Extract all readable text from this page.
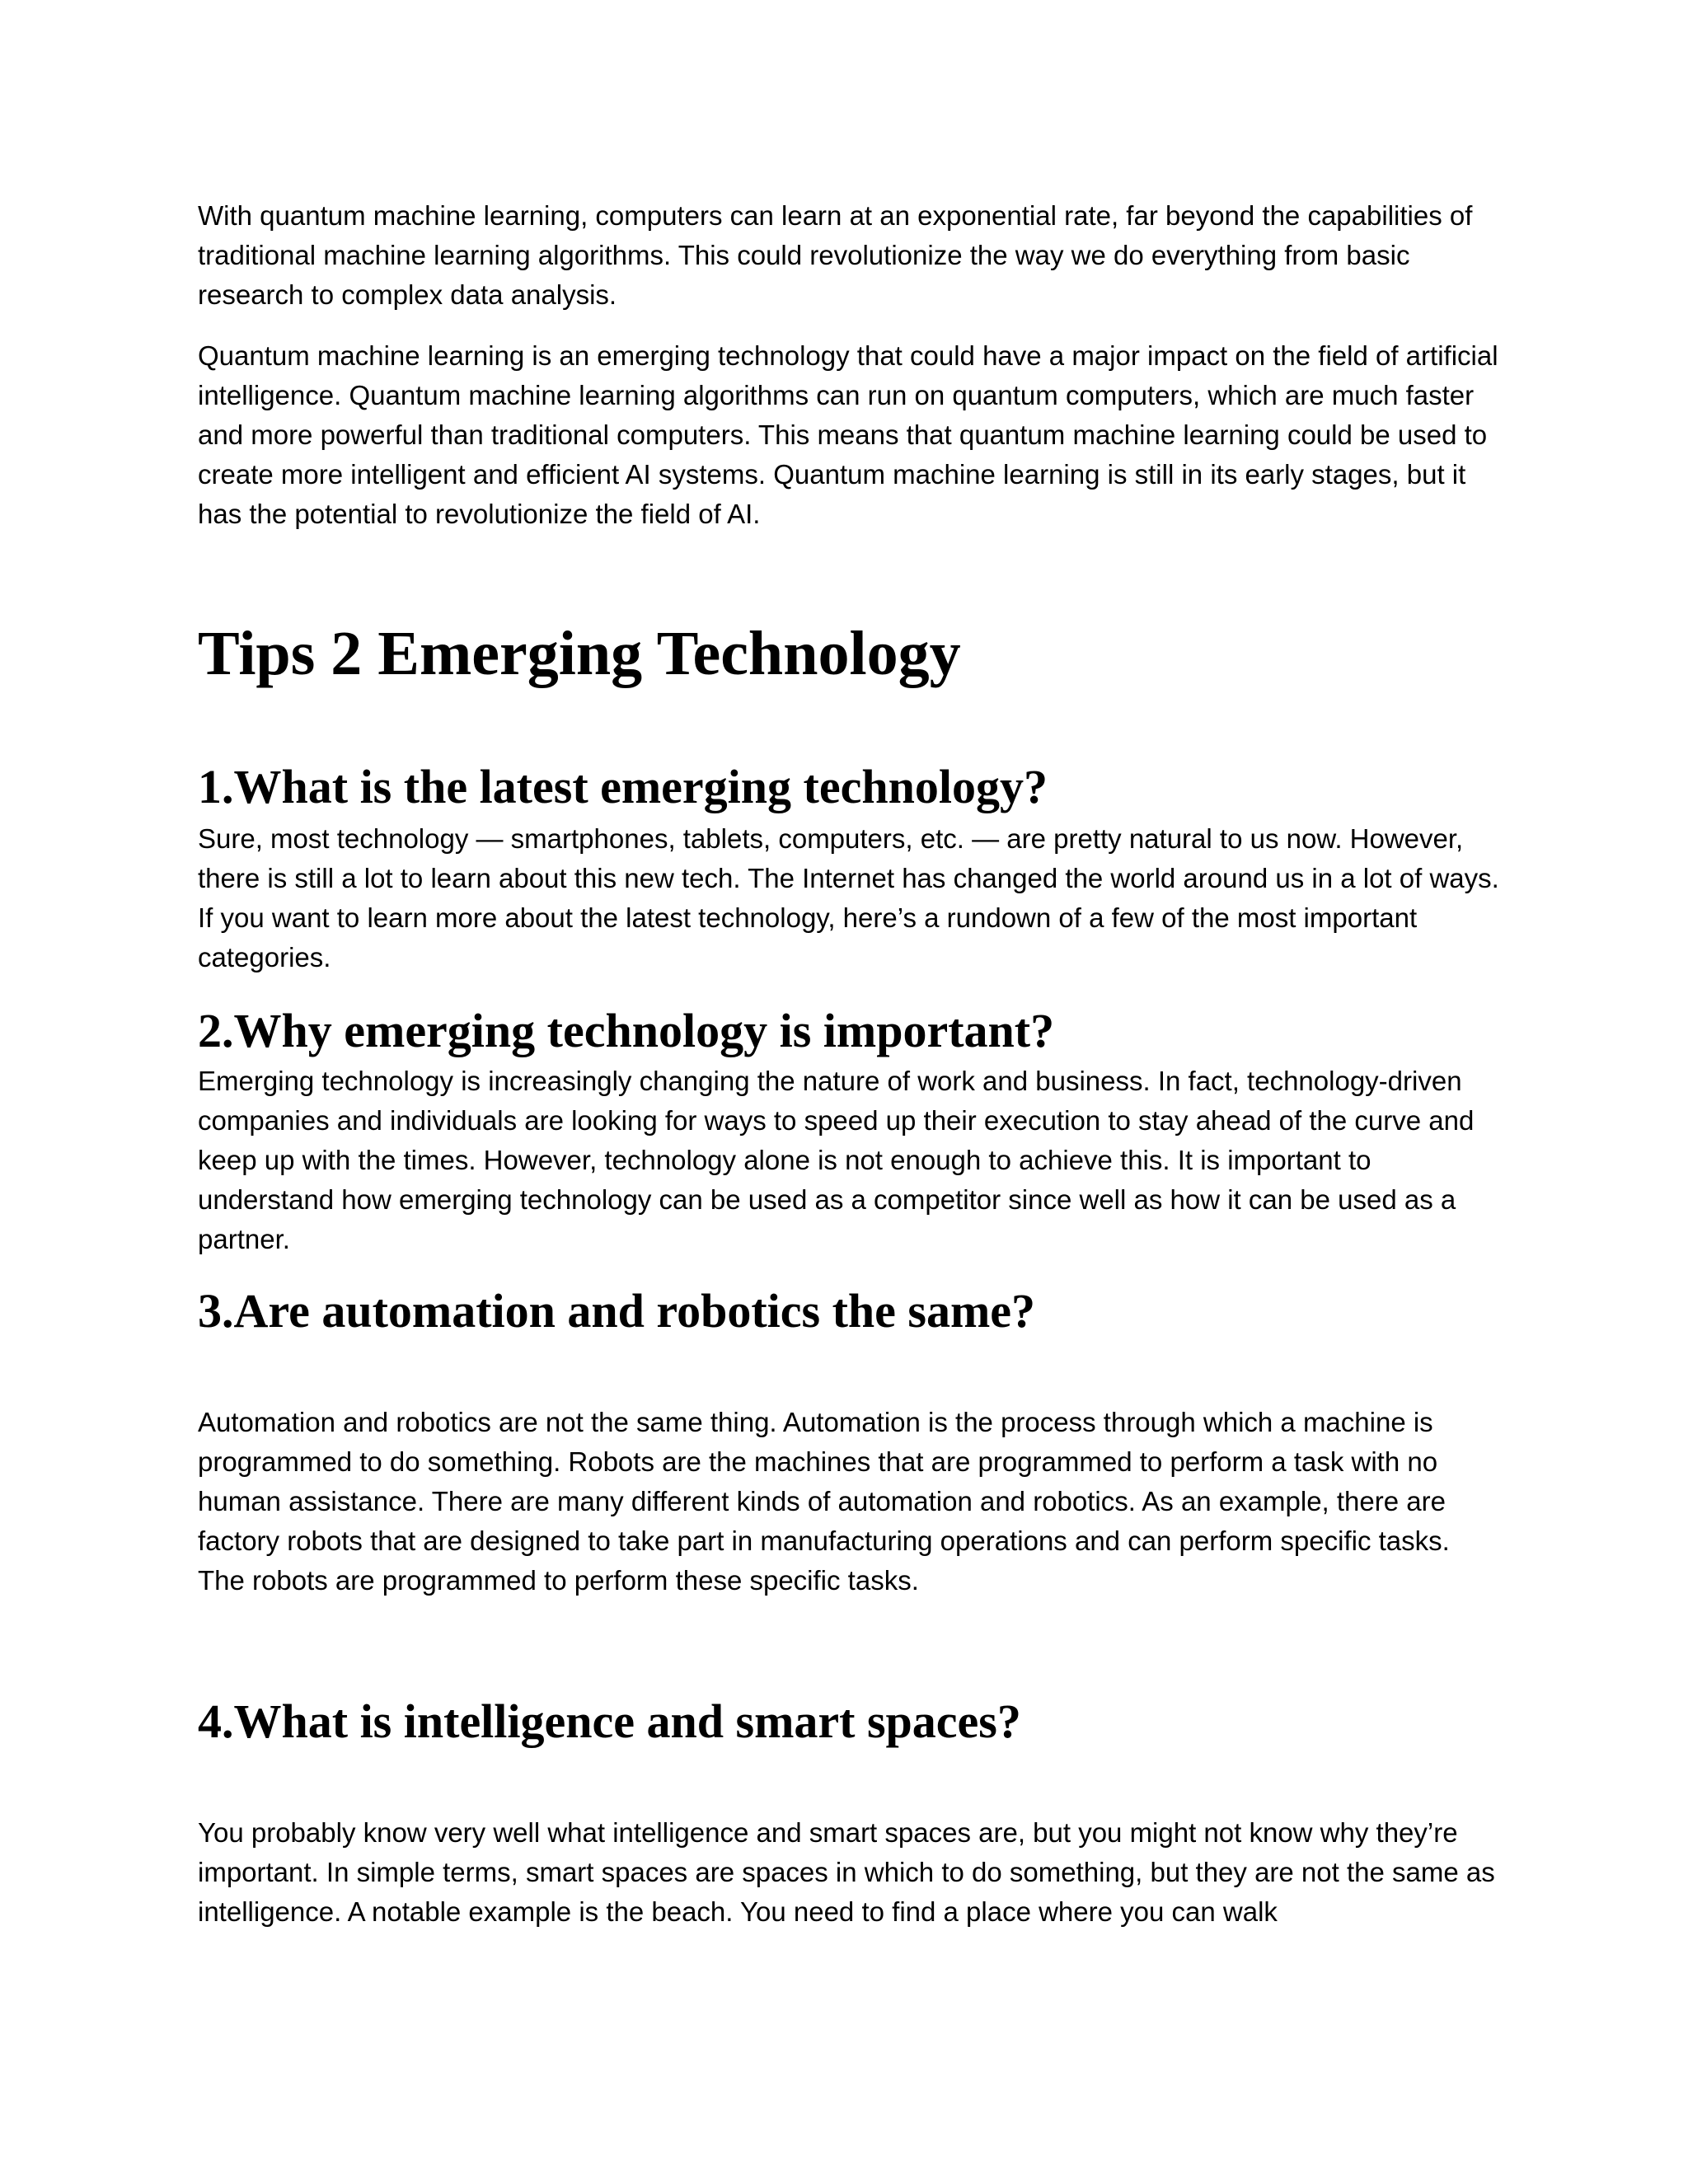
With quantum machine learning, computers can learn at an exponential rate, far beyond the capabilities of traditional machine learning algorithms. This could revolutionize the way we do everything from basic research to complex data analysis.

Quantum machine learning is an emerging technology that could have a major impact on the field of artificial intelligence. Quantum machine learning algorithms can run on quantum computers, which are much faster and more powerful than traditional computers. This means that quantum machine learning could be used to create more intelligent and efficient AI systems. Quantum machine learning is still in its early stages, but it has the potential to revolutionize the field of AI.

Tips 2 Emerging Technology
1.What is the latest emerging technology?

Sure, most technology — smartphones, tablets, computers, etc. — are pretty natural to us now. However, there is still a lot to learn about this new tech. The Internet has changed the world around us in a lot of ways. If you want to learn more about the latest technology, here’s a rundown of a few of the most important categories.

2.Why emerging technology is important?

Emerging technology is increasingly changing the nature of work and business. In fact, technology-driven companies and individuals are looking for ways to speed up their execution to stay ahead of the curve and keep up with the times. However, technology alone is not enough to achieve this. It is important to understand how emerging technology can be used as a competitor since well as how it can be used as a partner.

3.Are automation and robotics the same?

Automation and robotics are not the same thing. Automation is the process through which a machine is programmed to do something. Robots are the machines that are programmed to perform a task with no human assistance. There are many different kinds of automation and robotics. As an example, there are factory robots that are designed to take part in manufacturing operations and can perform specific tasks. The robots are programmed to perform these specific tasks.

4.What is intelligence and smart spaces?

You probably know very well what intelligence and smart spaces are, but you might not know why they’re important. In simple terms, smart spaces are spaces in which to do something, but they are not the same as intelligence. A notable example is the beach. You need to find a place where you can walk
